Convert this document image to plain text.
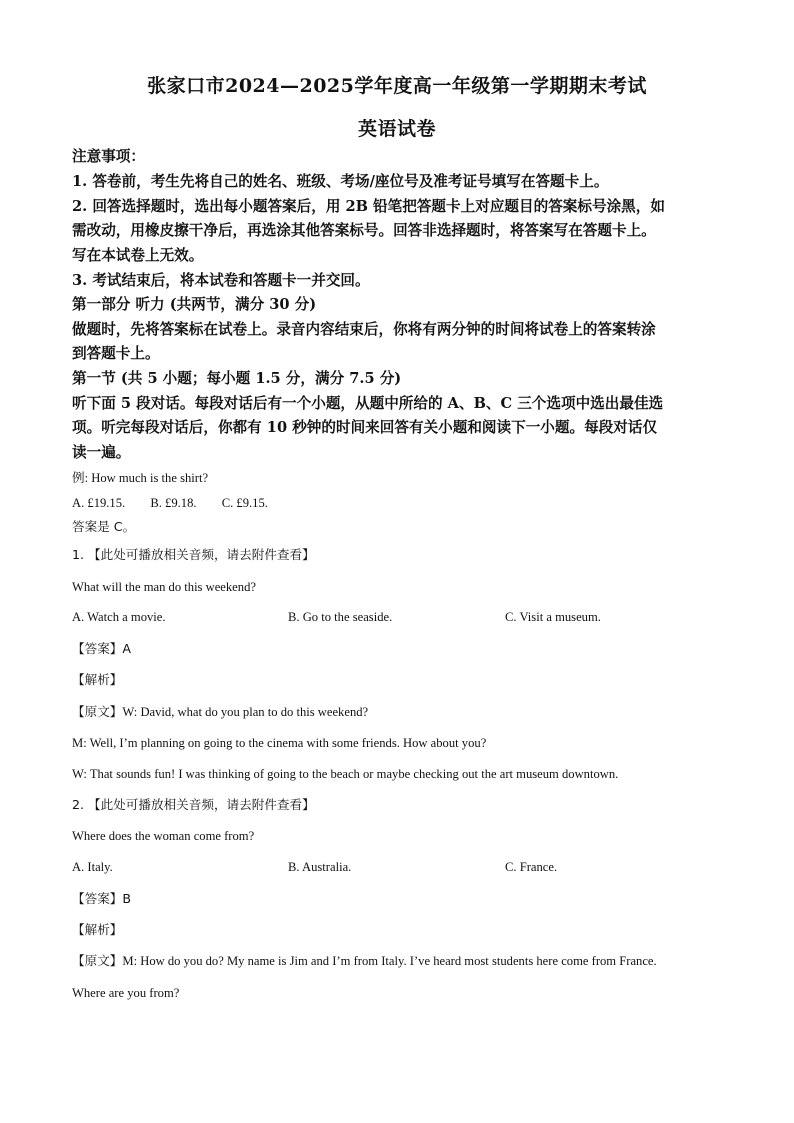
张家口市2024—2025学年度高一年级第一学期期末考试
英语试卷
注意事项：
1. 答卷前，考生先将自己的姓名、班级、考场/座位号及准考证号填写在答题卡上。
2. 回答选择题时，选出每小题答案后，用 2B 铅笔把答题卡上对应题目的答案标号涂黑，如
需改动，用橡皮擦干净后，再选涂其他答案标号。回答非选择题时，将答案写在答题卡上。
写在本试卷上无效。
3. 考试结束后，将本试卷和答题卡一并交回。
第一部分 听力 (共两节，满分 30 分)
做题时，先将答案标在试卷上。录音内容结束后，你将有两分钟的时间将试卷上的答案转涂
到答题卡上。
第一节 (共 5 小题；每小题 1.5 分，满分 7.5 分)
听下面 5 段对话。每段对话后有一个小题，从题中所给的 A、B、C 三个选项中选出最佳选
项。听完每段对话后，你都有 10 秒钟的时间来回答有关小题和阅读下一小题。每段对话仅
读一遍。
例: How much is the shirt?
A. £19.15.        B. £9.18.        C. £9.15.
答案是 C。
1. 【此处可播放相关音频，请去附件查看】
What will the man do this weekend?
A. Watch a movie.	B. Go to the seaside.	C. Visit a museum.
【答案】A
【解析】
【原文】W: David, what do you plan to do this weekend?
M: Well, I’m planning on going to the cinema with some friends. How about you?
W: That sounds fun! I was thinking of going to the beach or maybe checking out the art museum downtown.
2. 【此处可播放相关音频，请去附件查看】
Where does the woman come from?
A. Italy.	B. Australia.	C. France.
【答案】B
【解析】
【原文】M: How do you do? My name is Jim and I’m from Italy. I’ve heard most students here come from France.
Where are you from?
